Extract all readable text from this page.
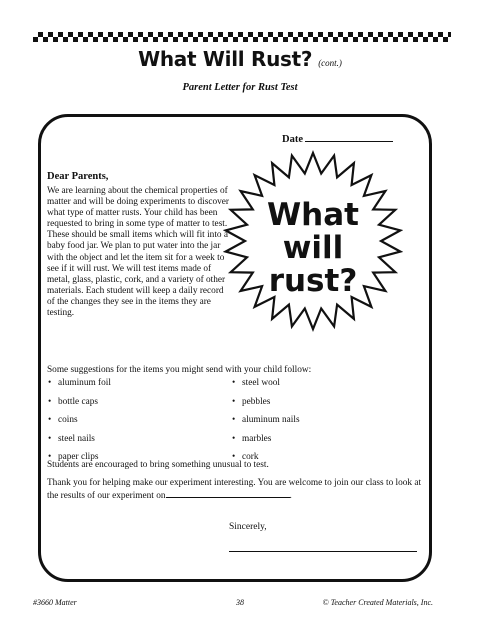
What Will Rust? (cont.)
Parent Letter for Rust Test
Date
Dear Parents,
We are learning about the chemical properties of matter and will be doing experiments to discover what type of matter rusts. Your child has been requested to bring in some type of matter to test. These should be small items which will fit into a baby food jar. We plan to put water into the jar with the object and let the item sit for a week to see if it will rust. We will test items made of metal, glass, plastic, cork, and a variety of other materials. Each student will keep a daily record of the changes they see in the items they are testing.
What
will
rust?
Some suggestions for the items you might send with your child follow:
• aluminum foil
• bottle caps
• coins
• steel nails
• paper clips
• steel wool
• pebbles
• aluminum nails
• marbles
• cork
Students are encouraged to bring something unusual to test.
Thank you for helping make our experiment interesting. You are welcome to join our class to look at the results of our experiment on	.
Sincerely,
#3660 Matter	38	© Teacher Created Materials, Inc.
